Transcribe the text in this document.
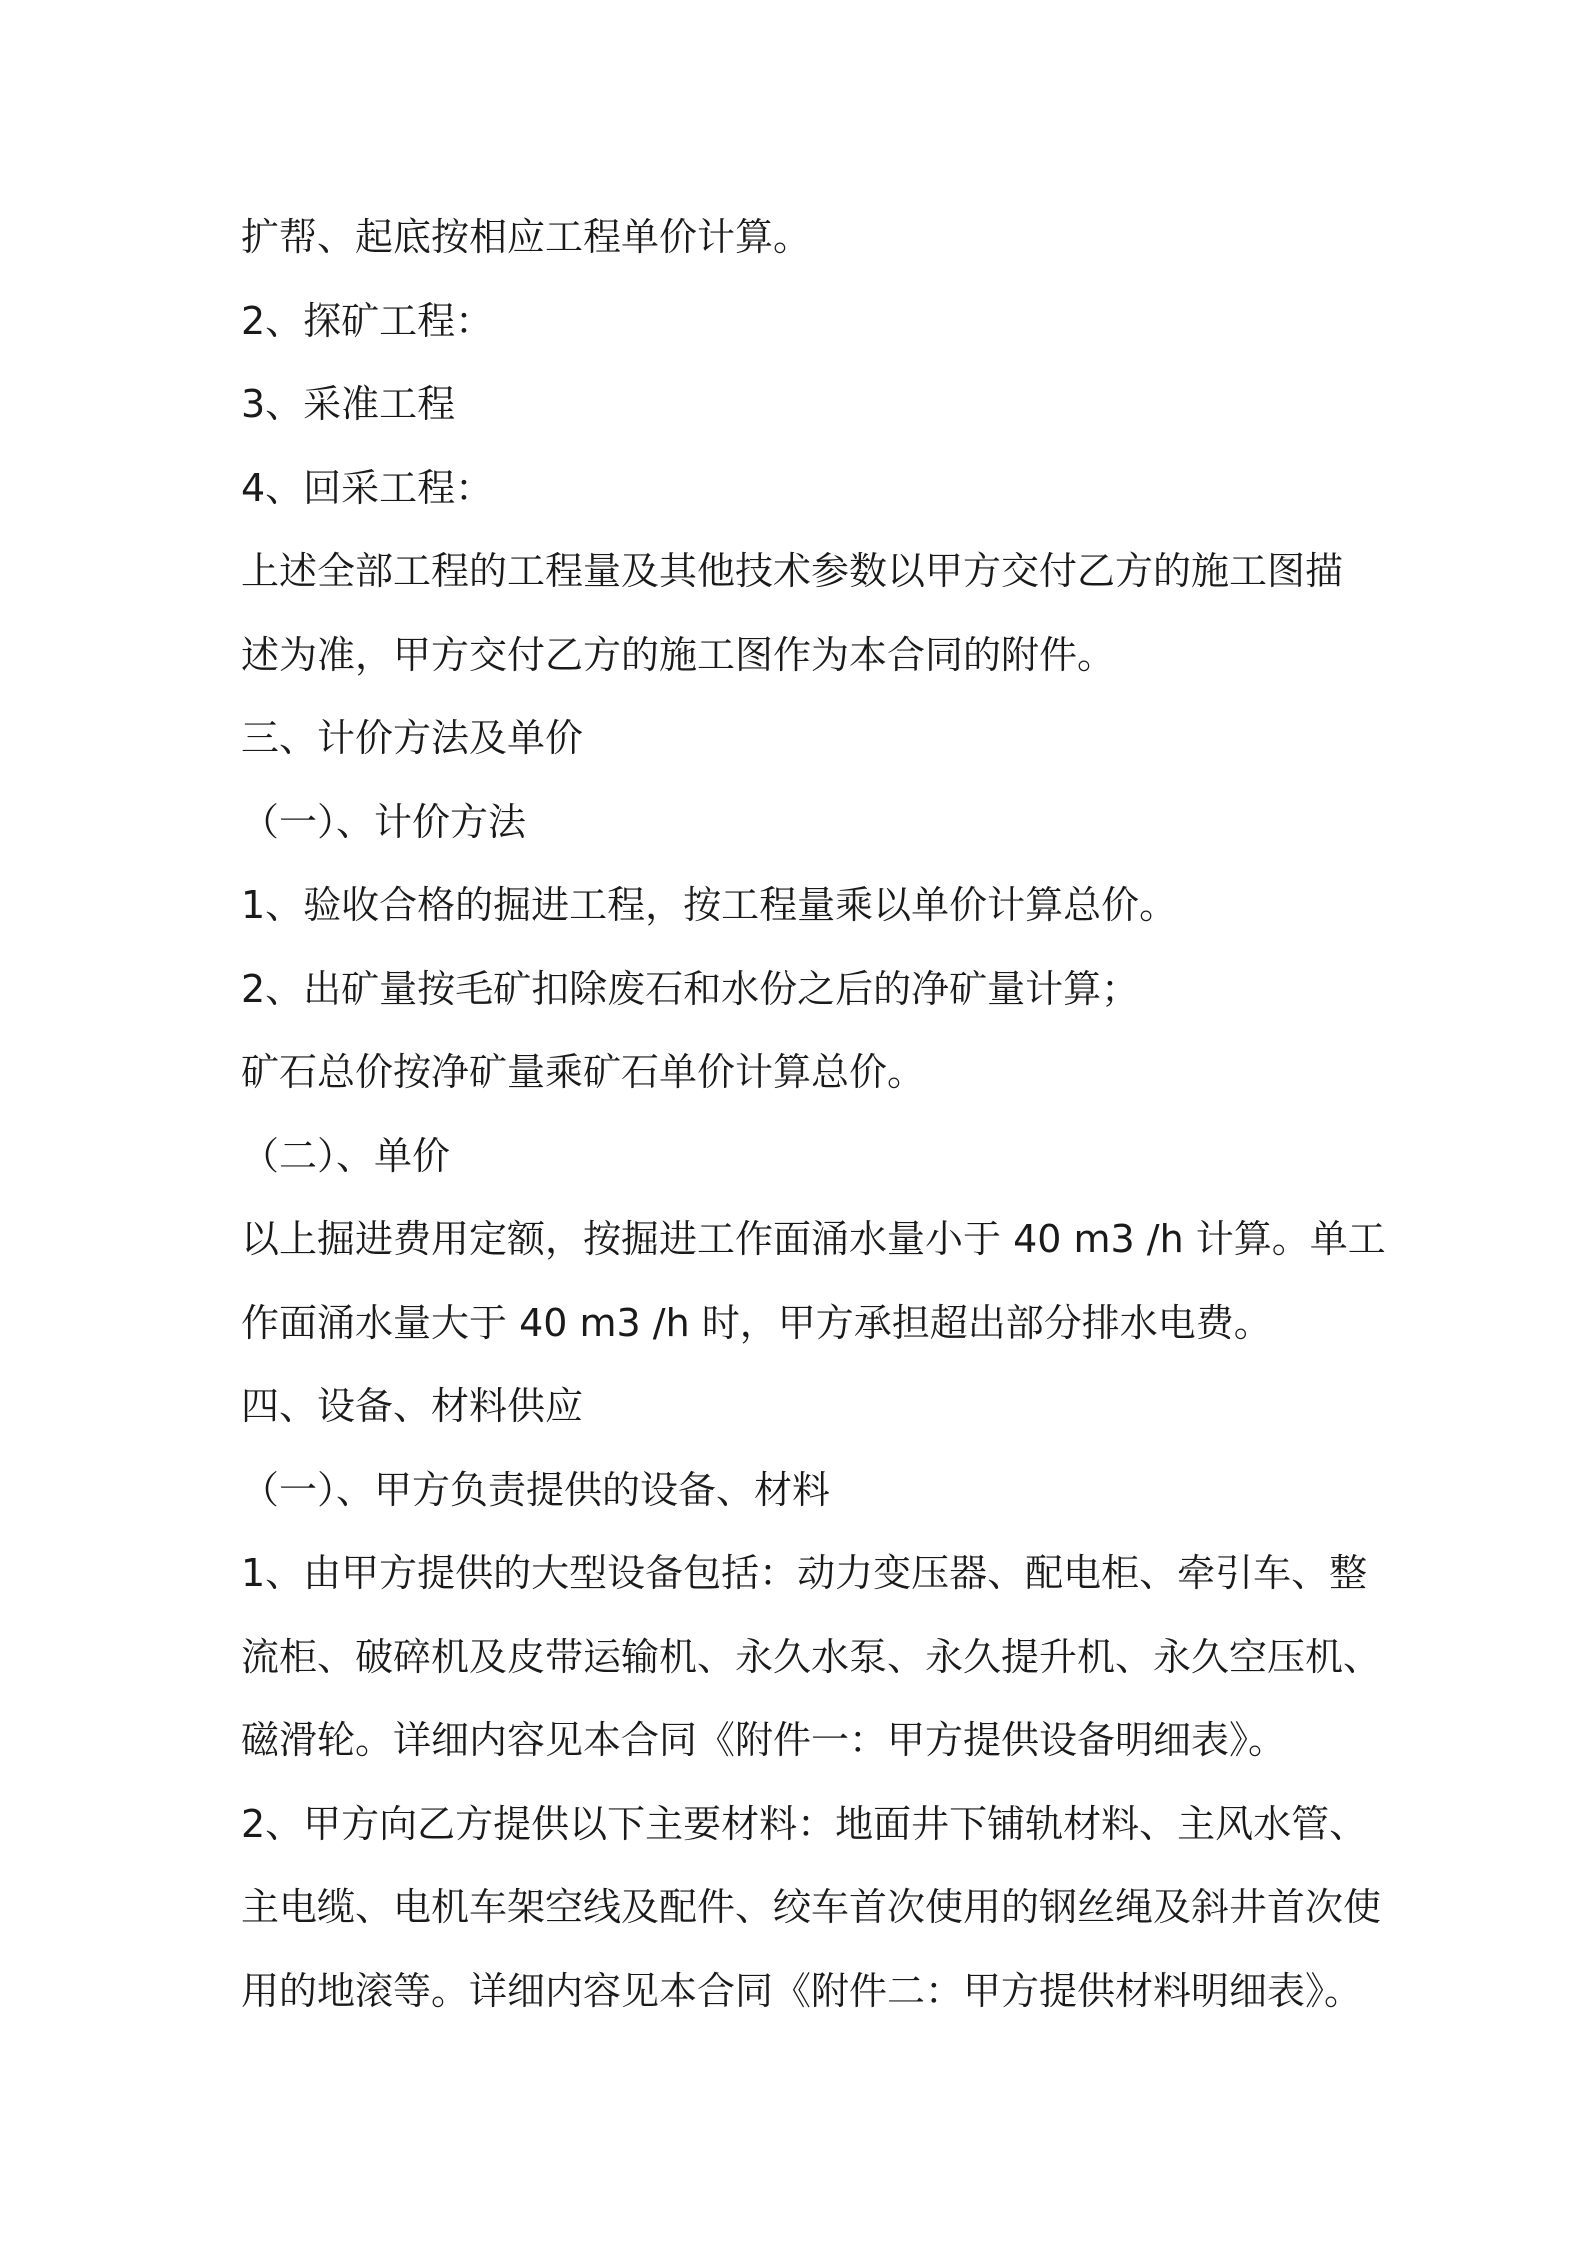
扩帮、起底按相应工程单价计算。
2、探矿工程：
3、采准工程
4、回采工程：
上述全部工程的工程量及其他技术参数以甲方交付乙方的施工图描
述为准，甲方交付乙方的施工图作为本合同的附件。
三、计价方法及单价
（一）、计价方法
1、验收合格的掘进工程，按工程量乘以单价计算总价。
2、出矿量按毛矿扣除废石和水份之后的净矿量计算；
矿石总价按净矿量乘矿石单价计算总价。
（二）、单价
以上掘进费用定额，按掘进工作面涌水量小于 40 m3 /h 计算。单工
作面涌水量大于 40 m3 /h 时，甲方承担超出部分排水电费。
四、设备、材料供应
（一）、甲方负责提供的设备、材料
1、由甲方提供的大型设备包括：动力变压器、配电柜、牵引车、整
流柜、破碎机及皮带运输机、永久水泵、永久提升机、永久空压机、
磁滑轮。详细内容见本合同《附件一：甲方提供设备明细表》。
2、甲方向乙方提供以下主要材料：地面井下铺轨材料、主风水管、
主电缆、电机车架空线及配件、绞车首次使用的钢丝绳及斜井首次使
用的地滚等。详细内容见本合同《附件二：甲方提供材料明细表》。
